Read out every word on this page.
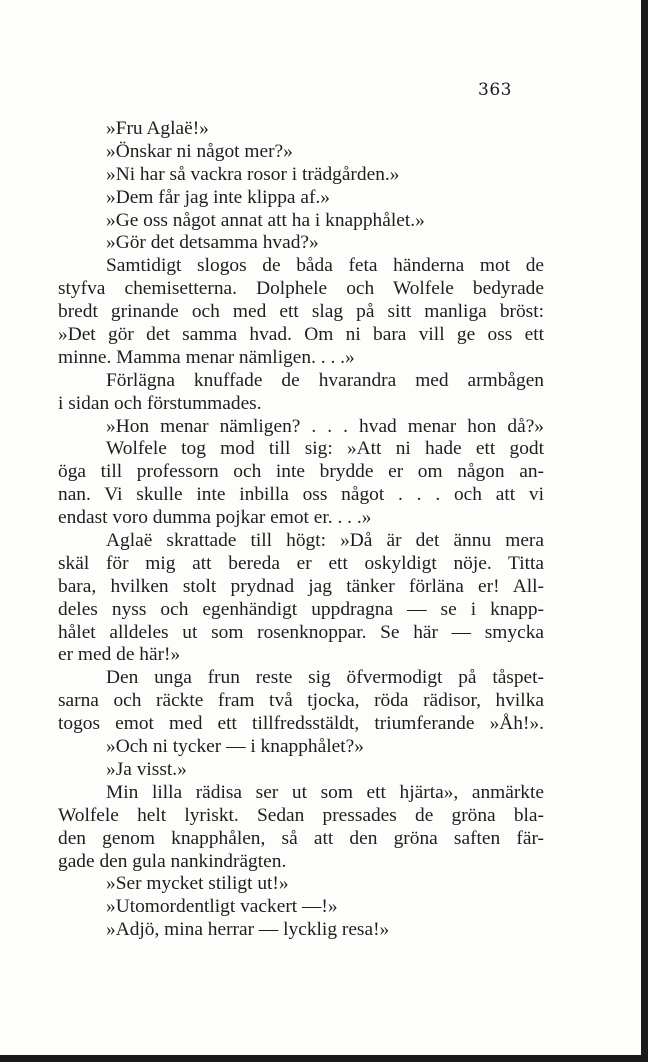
363
»Fru Aglaë!»
»Önskar ni något mer?»
»Ni har så vackra rosor i trädgården.»
»Dem får jag inte klippa af.»
»Ge oss något annat att ha i knapphålet.»
»Gör det detsamma hvad?»
Samtidigt slogos de båda feta händerna mot de
styfva chemisetterna. Dolphele och Wolfele bedyrade
bredt grinande och med ett slag på sitt manliga bröst:
»Det gör det samma hvad. Om ni bara vill ge oss ett
minne. Mamma menar nämligen. . . .»
Förlägna knuffade de hvarandra med armbågen
i sidan och förstummades.
»Hon menar nämligen? . . . hvad menar hon då?»
Wolfele tog mod till sig: »Att ni hade ett godt
öga till professorn och inte brydde er om någon an-
nan. Vi skulle inte inbilla oss något . . . och att vi
endast voro dumma pojkar emot er. . . .»
Aglaë skrattade till högt: »Då är det ännu mera
skäl för mig att bereda er ett oskyldigt nöje. Titta
bara, hvilken stolt prydnad jag tänker förläna er! All-
deles nyss och egenhändigt uppdragna — se i knapp-
hålet alldeles ut som rosenknoppar. Se här — smycka
er med de här!»
Den unga frun reste sig öfvermodigt på tåspet-
sarna och räckte fram två tjocka, röda rädisor, hvilka
togos emot med ett tillfredsstäldt, triumferande »Åh!».
»Och ni tycker — i knapphålet?»
»Ja visst.»
Min lilla rädisa ser ut som ett hjärta», anmärkte
Wolfele helt lyriskt. Sedan pressades de gröna bla-
den genom knapphålen, så att den gröna saften fär-
gade den gula nankindrägten.
»Ser mycket stiligt ut!»
»Utomordentligt vackert —!»
»Adjö, mina herrar — lycklig resa!»
